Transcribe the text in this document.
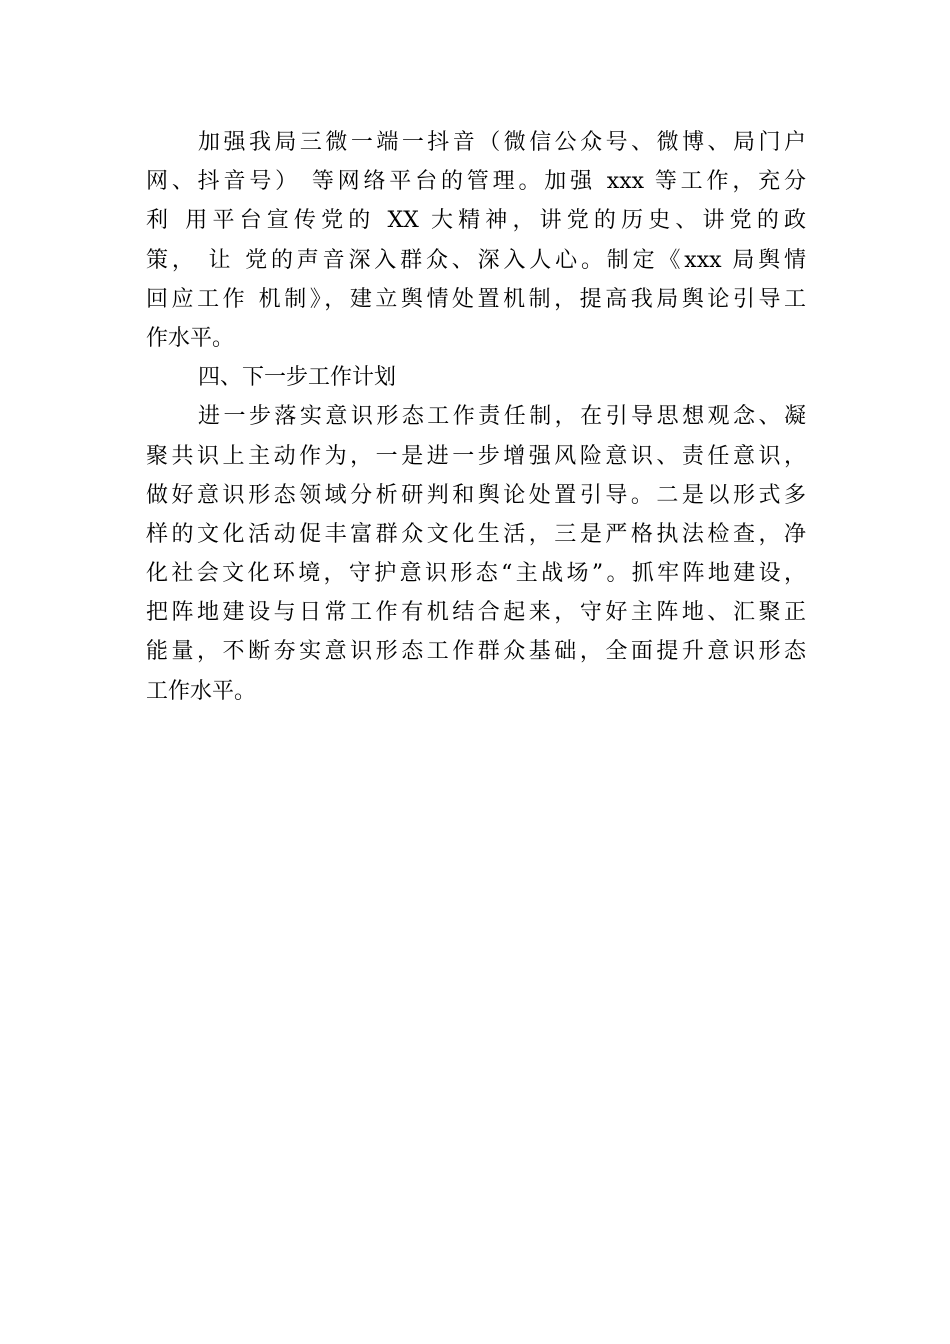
加强我局三微一端一抖音（微信公众号、微博、局门户
网、抖音号） 等网络平台的管理。加强 xxx 等工作，充分
利 用平台宣传党的 XX 大精神，讲党的历史、讲党的政
策， 让 党的声音深入群众、深入人心。制定《xxx 局舆情
回应工作 机制》，建立舆情处置机制，提高我局舆论引导工
作水平。
四、下一步工作计划
进一步落实意识形态工作责任制，在引导思想观念、凝
聚共识上主动作为，一是进一步增强风险意识、责任意识，
做好意识形态领域分析研判和舆论处置引导。二是以形式多
样的文化活动促丰富群众文化生活，三是严格执法检查，净
化社会文化环境，守护意识形态“主战场”。抓牢阵地建设，
把阵地建设与日常工作有机结合起来，守好主阵地、汇聚正
能量，不断夯实意识形态工作群众基础，全面提升意识形态
工作水平。
